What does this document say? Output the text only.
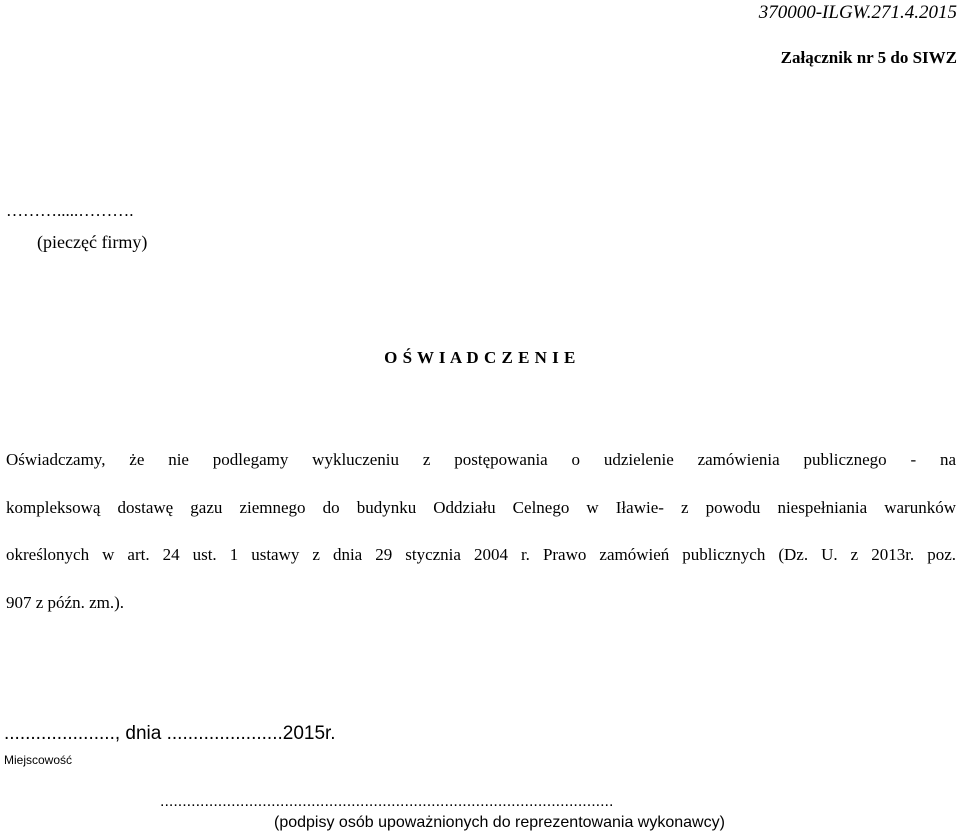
370000-ILGW.271.4.2015
Załącznik nr 5 do SIWZ
……….....……….
(pieczęć firmy)
O Ś W I A D C Z E N I E
Oświadczamy, że nie podlegamy wykluczeniu z postępowania o udzielenie zamówienia publicznego - na
kompleksową dostawę gazu ziemnego do budynku Oddziału Celnego w Iławie- z powodu niespełniania warunków
określonych w art. 24 ust. 1 ustawy z dnia 29 stycznia 2004 r. Prawo zamówień publicznych (Dz. U. z 2013r. poz.
907 z późn. zm.).
....................., dnia ......................2015r.
Miejscowość
......................................................................................................
(podpisy osób upoważnionych do reprezentowania wykonawcy)
